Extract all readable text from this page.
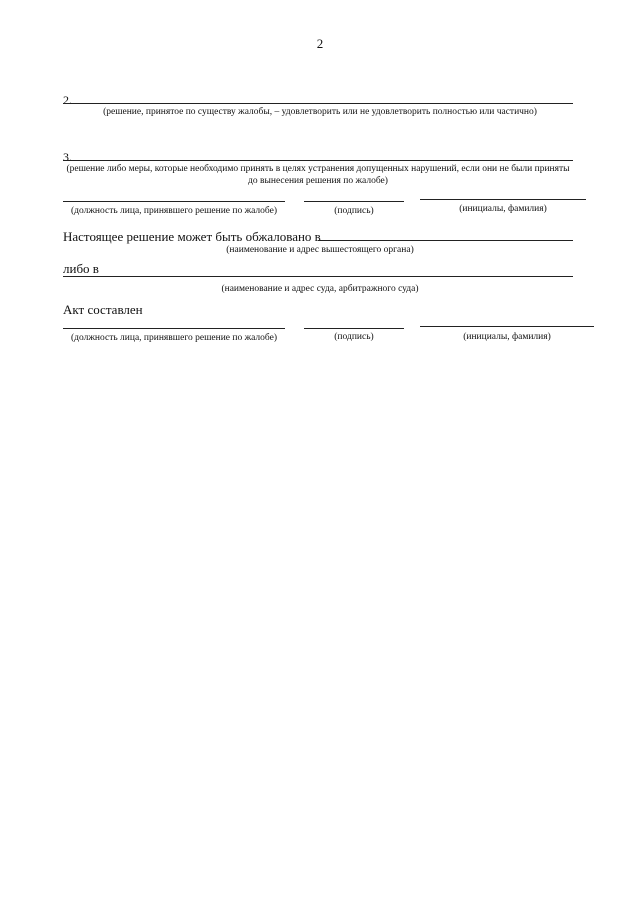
2
2.
(решение, принятое по существу жалобы, – удовлетворить или не удовлетворить полностью или частично)
3.
(решение либо меры, которые необходимо принять в целях устранения допущенных нарушений, если они не были приняты до вынесения решения по жалобе)
(должность лица, принявшего решение по жалобе)	(подпись)	(инициалы, фамилия)
Настоящее решение может быть обжаловано в
(наименование и адрес вышестоящего органа)
либо в
(наименование и адрес суда, арбитражного суда)
Акт составлен
(должность лица, принявшего решение по жалобе)	(подпись)	(инициалы, фамилия)
